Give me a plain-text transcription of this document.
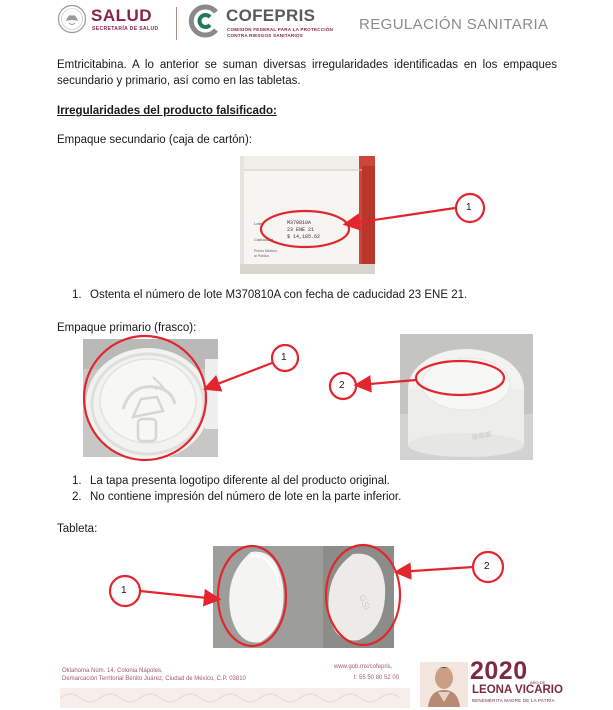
SALUD
SECRETARÍA DE SALUD
COFEPRIS
COMISIÓN FEDERAL PARA LA PROTECCIÓN
CONTRA RIESGOS SANITARIOS
REGULACIÓN SANITARIA
Emtricitabina. A lo anterior se suman diversas irregularidades identificadas en los empaques secundario y primario, así como en las tabletas.
Irregularidades del producto falsificado:
Empaque secundario (caja de cartón):
Lote
Caducidad
Precio Máximo
al Público
M370810A
23 ENE 21
$ 14,185.62
1. Ostenta el número de lote M370810A con fecha de caducidad 23 ENE 21.
Empaque primario (frasco):
▩▩▩
1. La tapa presenta logotipo diferente al del producto original.
2. No contiene impresión del número de lote en la parte inferior.
Tableta:
GSI
1
1
2
1
2
Oklahoma Núm. 14, Colonia Nápoles,
Demarcación Territorial Benito Juárez, Ciudad de México, C.P. 03810
www.gob.mx/cofepris,
t: 55 50 80 52 00	2020 AÑO DE
LEONA VICARIO
BENEMÉRITA MADRE DE LA PATRIA
